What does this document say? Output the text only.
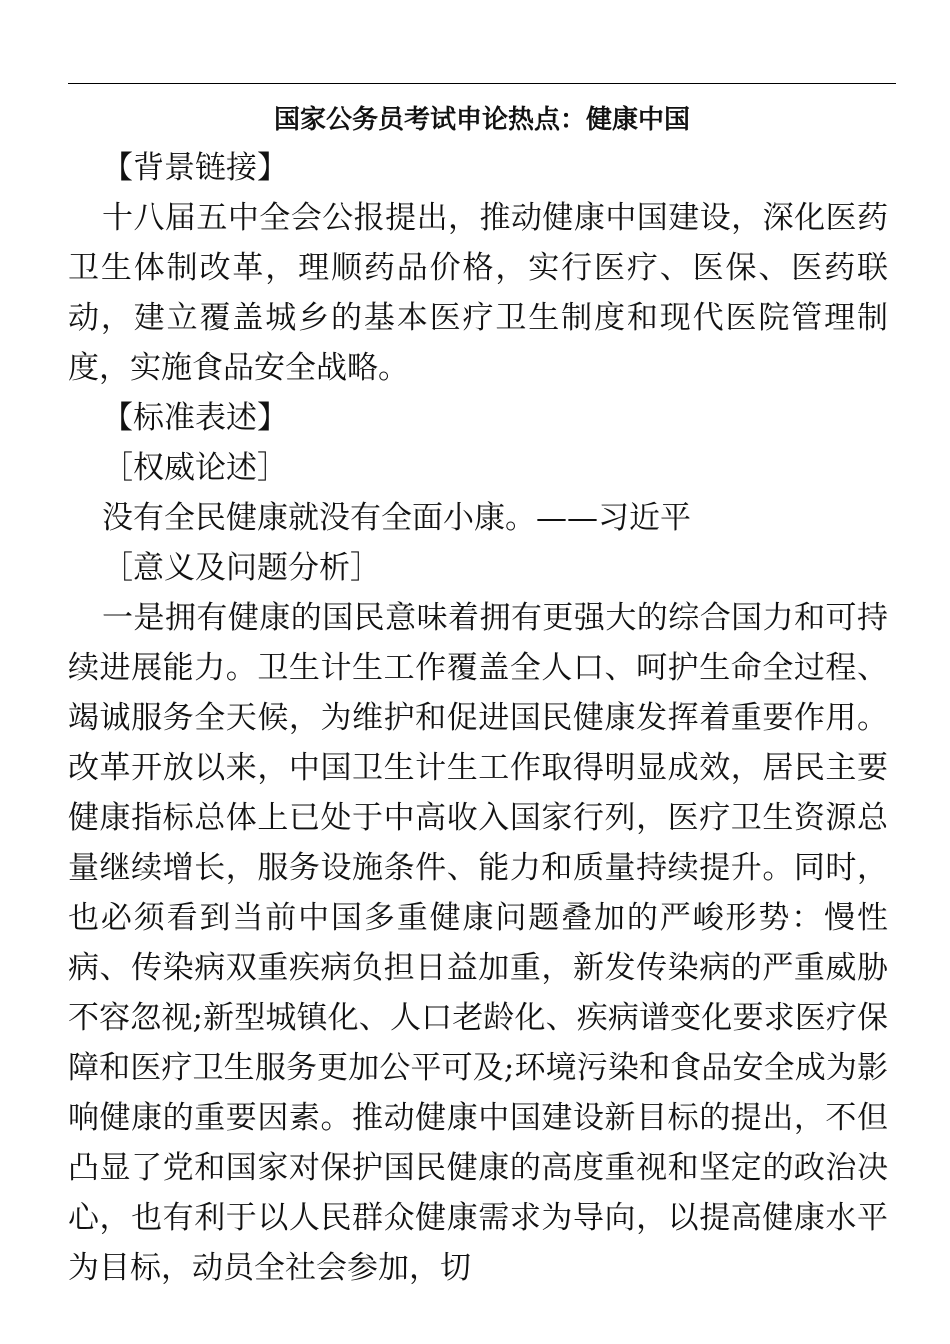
国家公务员考试申论热点：健康中国

【背景链接】

十八届五中全会公报提出，推动健康中国建设，深化医药卫生体制改革，理顺药品价格，实行医疗、医保、医药联动，建立覆盖城乡的基本医疗卫生制度和现代医院管理制度，实施食品安全战略。

【标准表述】

［权威论述］

没有全民健康就没有全面小康。——习近平

［意义及问题分析］

一是拥有健康的国民意味着拥有更强大的综合国力和可持续进展能力。卫生计生工作覆盖全人口、呵护生命全过程、竭诚服务全天候，为维护和促进国民健康发挥着重要作用。改革开放以来，中国卫生计生工作取得明显成效，居民主要健康指标总体上已处于中高收入国家行列，医疗卫生资源总量继续增长，服务设施条件、能力和质量持续提升。同时，也必须看到当前中国多重健康问题叠加的严峻形势：慢性病、传染病双重疾病负担日益加重，新发传染病的严重威胁不容忽视;新型城镇化、人口老龄化、疾病谱变化要求医疗保障和医疗卫生服务更加公平可及;环境污染和食品安全成为影响健康的重要因素。推动健康中国建设新目标的提出，不但凸显了党和国家对保护国民健康的高度重视和坚定的政治决心，也有利于以人民群众健康需求为导向，以提高健康水平为目标，动员全社会参加，切
